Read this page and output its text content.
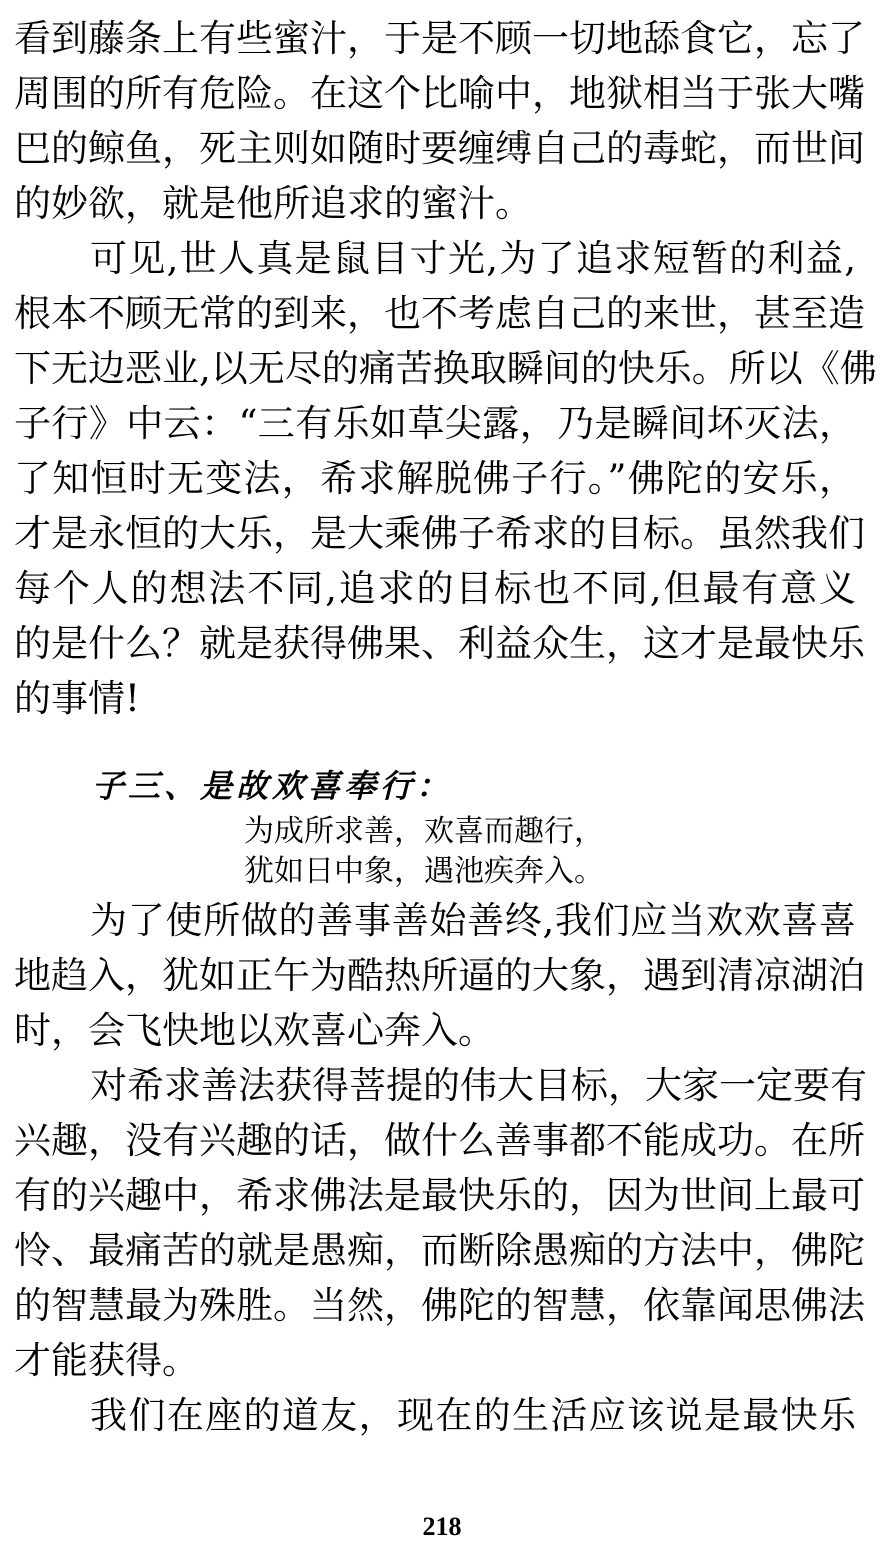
看到藤条上有些蜜汁，于是不顾一切地舔食它，忘了
周围的所有危险。在这个比喻中，地狱相当于张大嘴
巴的鲸鱼，死主则如随时要缠缚自己的毒蛇，而世间
的妙欲，就是他所追求的蜜汁。
可见,世人真是鼠目寸光,为了追求短暂的利益,
根本不顾无常的到来，也不考虑自己的来世，甚至造
下无边恶业,以无尽的痛苦换取瞬间的快乐。所以《佛
子行》中云：“三有乐如草尖露，乃是瞬间坏灭法，
了知恒时无变法，希求解脱佛子行。”佛陀的安乐，
才是永恒的大乐，是大乘佛子希求的目标。虽然我们
每个人的想法不同,追求的目标也不同,但最有意义
的是什么？就是获得佛果、利益众生，这才是最快乐
的事情!
子三、是故欢喜奉行：
为成所求善，欢喜而趣行，
犹如日中象，遇池疾奔入。
为了使所做的善事善始善终,我们应当欢欢喜喜
地趋入，犹如正午为酷热所逼的大象，遇到清凉湖泊
时，会飞快地以欢喜心奔入。
对希求善法获得菩提的伟大目标，大家一定要有
兴趣，没有兴趣的话，做什么善事都不能成功。在所
有的兴趣中，希求佛法是最快乐的，因为世间上最可
怜、最痛苦的就是愚痴，而断除愚痴的方法中，佛陀
的智慧最为殊胜。当然，佛陀的智慧，依靠闻思佛法
才能获得。
我们在座的道友，现在的生活应该说是最快乐
218
